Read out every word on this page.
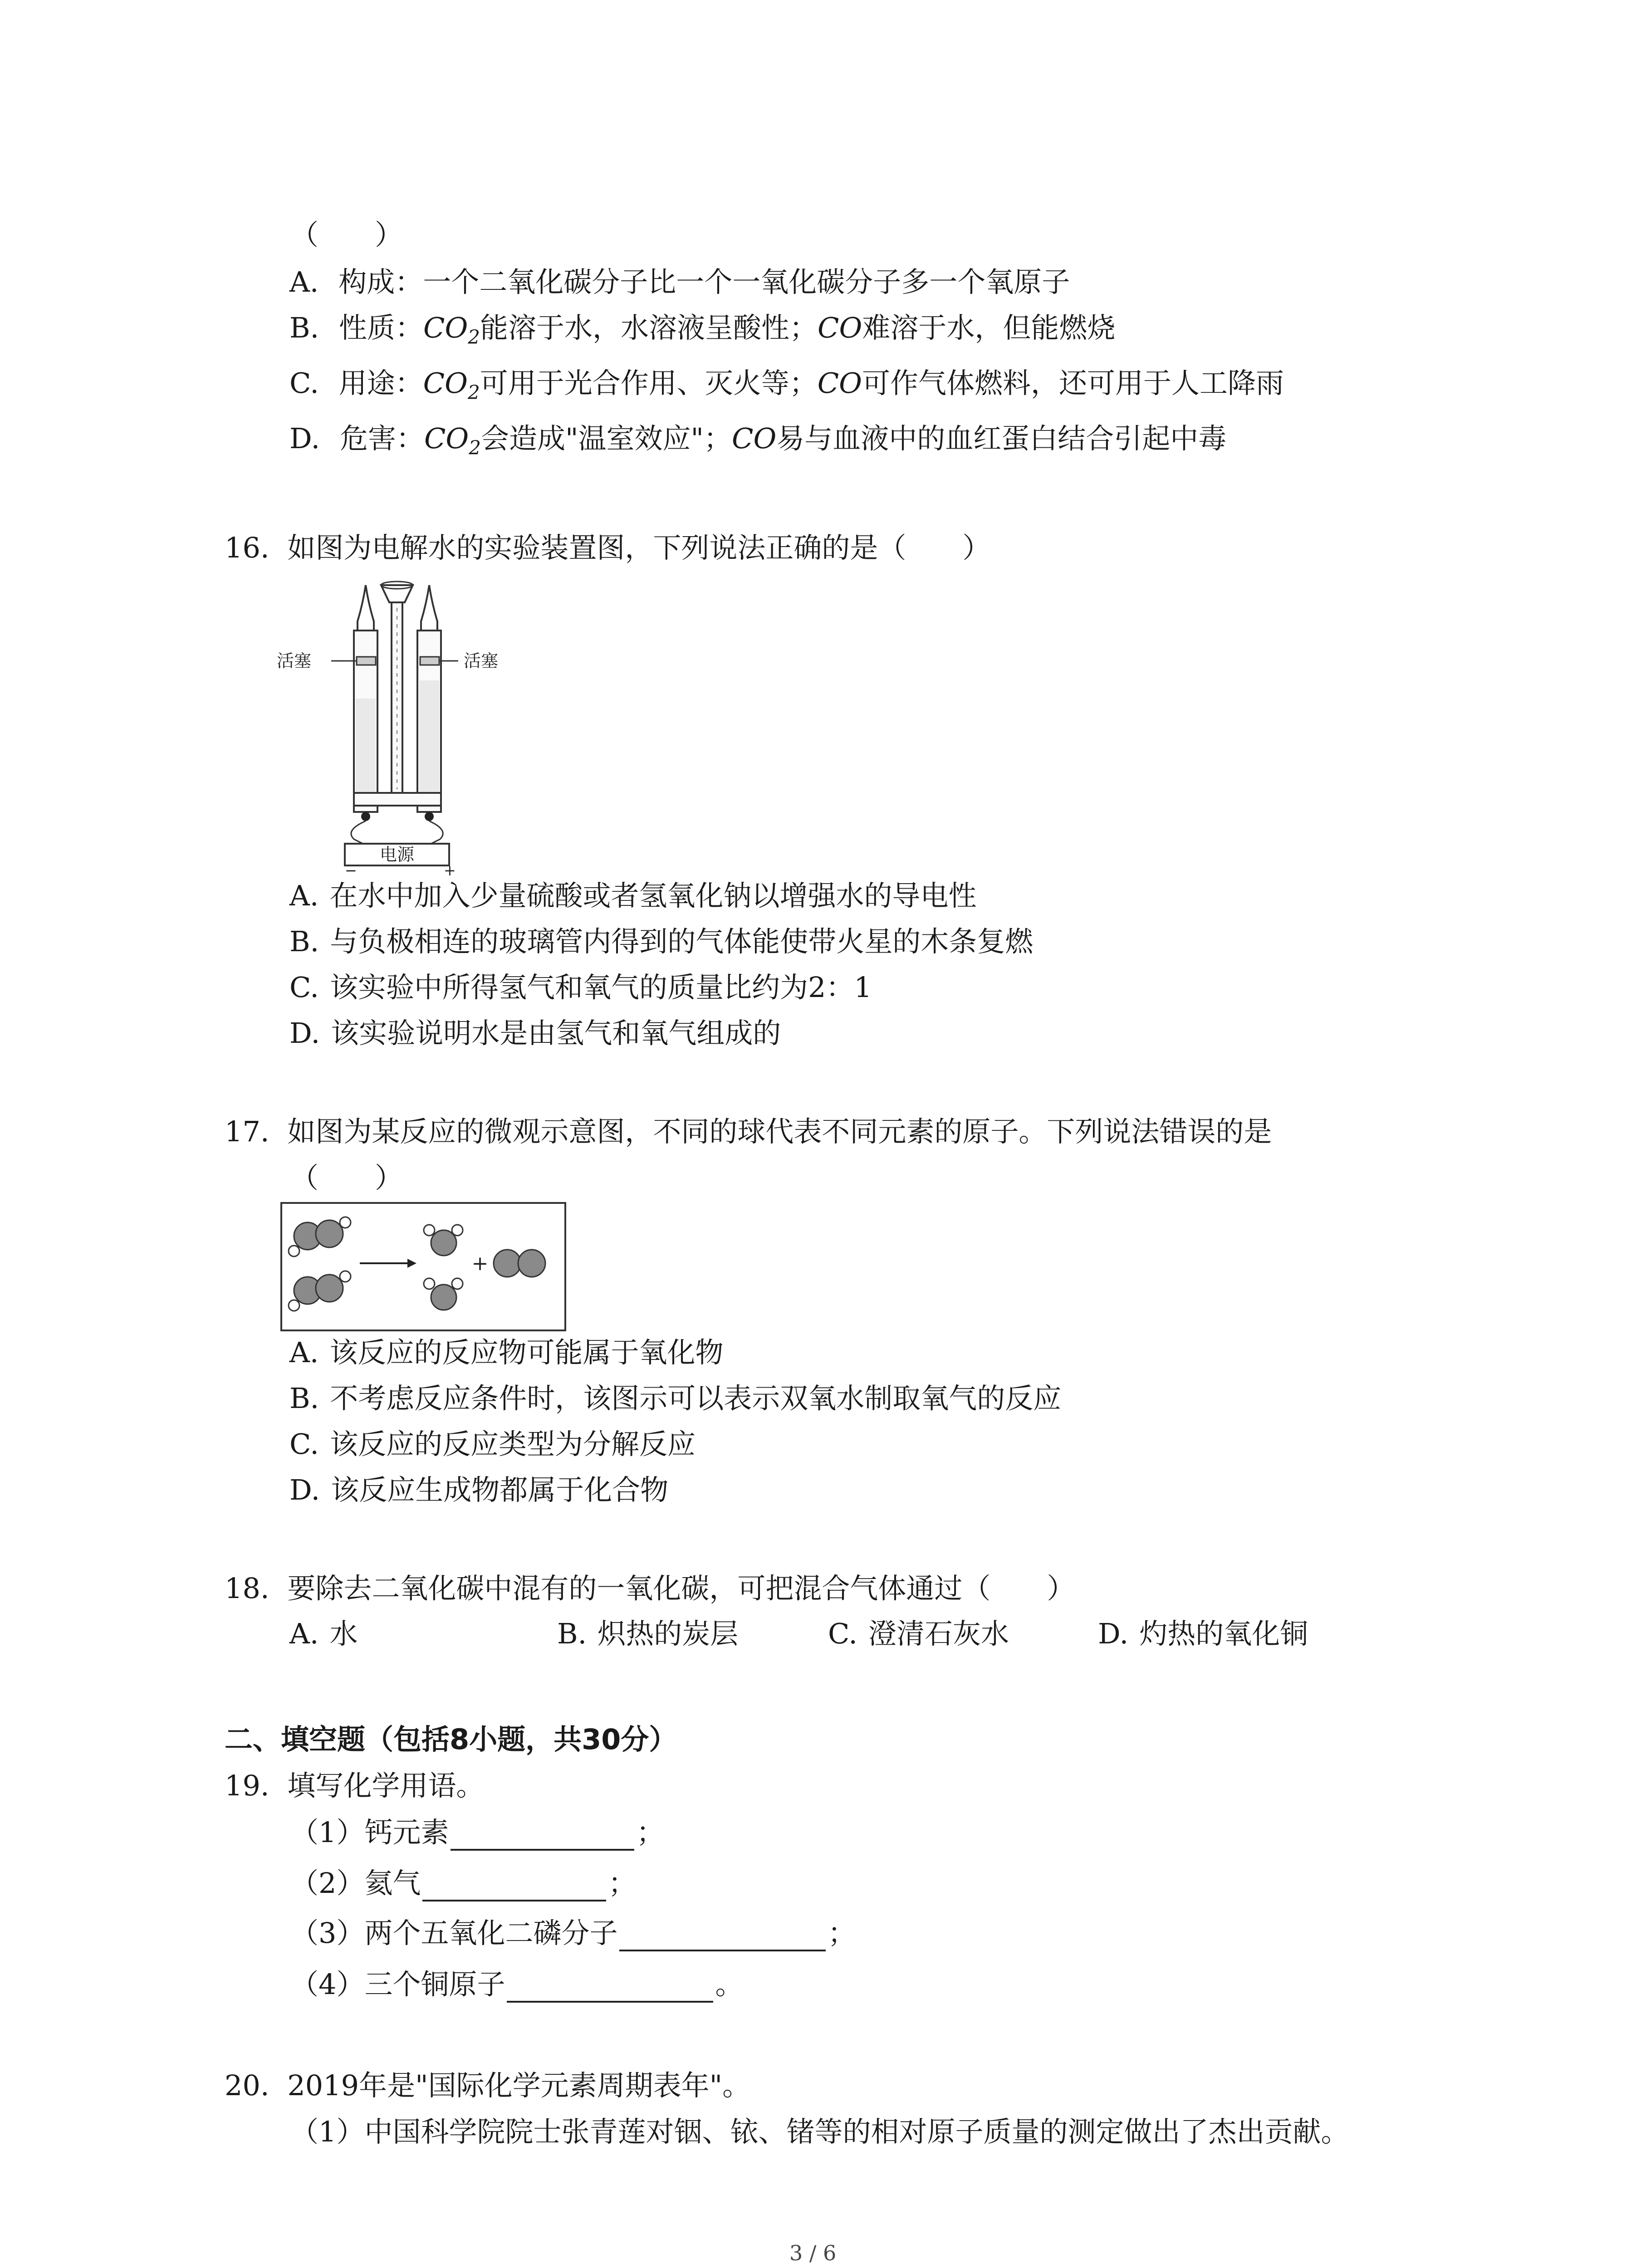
（　　）
A. 构成：一个二氧化碳分子比一个一氧化碳分子多一个氧原子
B. 性质：$CO_2$能溶于水，水溶液呈酸性；CO难溶于水，但能燃烧
C. 用途：$CO_2$可用于光合作用、灭火等；CO可作气体燃料，还可用于人工降雨
D. 危害：$CO_2$会造成"温室效应"；CO易与血液中的血红蛋白结合引起中毒
16. 如图为电解水的实验装置图，下列说法正确的是（　　）
电源
−	+
活塞	活塞
A. 在水中加入少量硫酸或者氢氧化钠以增强水的导电性
B. 与负极相连的玻璃管内得到的气体能使带火星的木条复燃
C. 该实验中所得氢气和氧气的质量比约为2：1
D. 该实验说明水是由氢气和氧气组成的
17. 如图为某反应的微观示意图，不同的球代表不同元素的原子。下列说法错误的是
（　　）
+
A. 该反应的反应物可能属于氧化物
B. 不考虑反应条件时，该图示可以表示双氧水制取氧气的反应
C. 该反应的反应类型为分解反应
D. 该反应生成物都属于化合物
18. 要除去二氧化碳中混有的一氧化碳，可把混合气体通过（　　）
A. 水	B. 炽热的炭层	C. 澄清石灰水	D. 灼热的氧化铜
二、填空题（包括8小题，共30分）
19. 填写化学用语。
（1）钙元素	；
（2）氦气	；
（3）两个五氧化二磷分子	；
（4）三个铜原子	。
20. 2019年是"国际化学元素周期表年"。
（1）中国科学院院士张青莲对铟、铱、锗等的相对原子质量的测定做出了杰出贡献。
3 / 6
